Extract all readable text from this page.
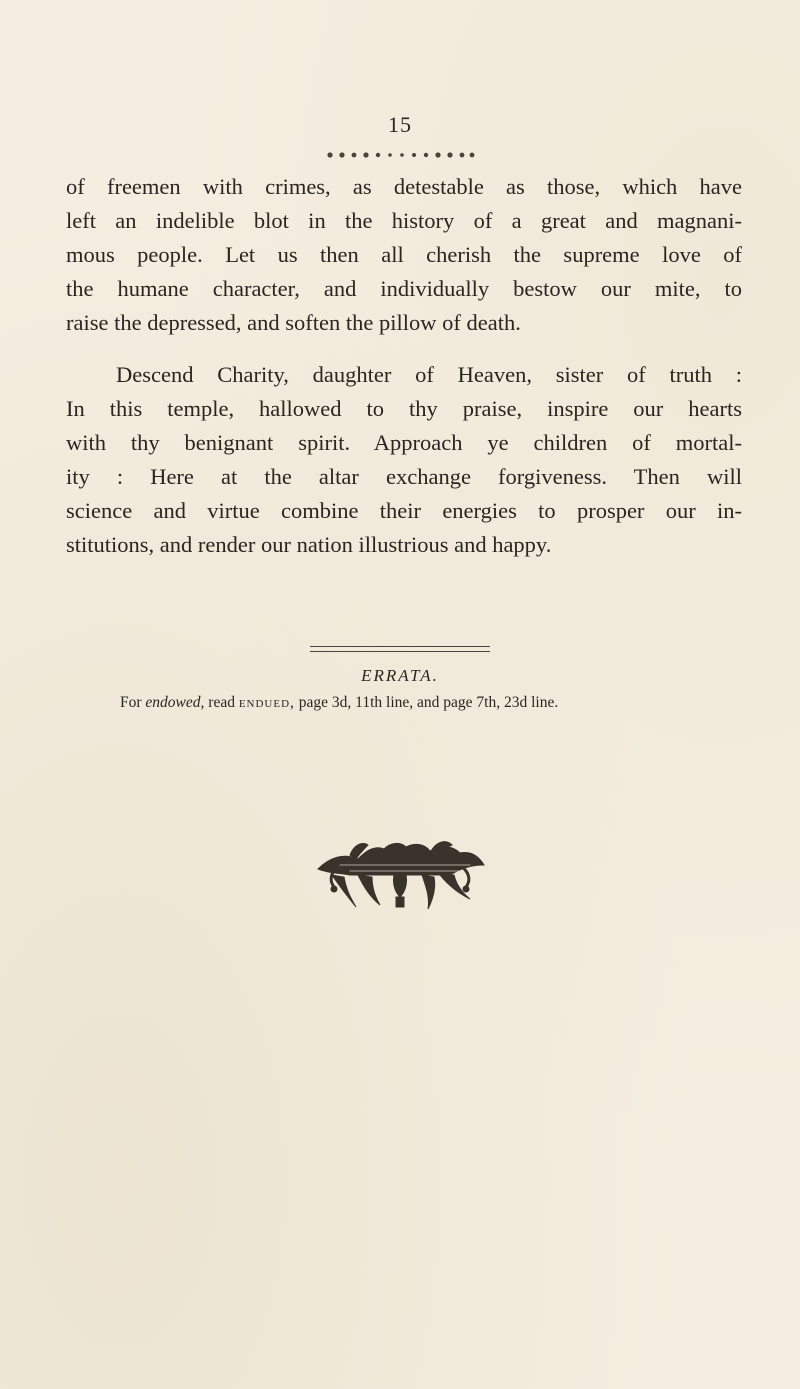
15
of freemen with crimes, as detestable as those, which have
left an indelible blot in the history of a great and magnani-
mous people. Let us then all cherish the supreme love of
the humane character, and individually bestow our mite, to
raise the depressed, and soften the pillow of death.
Descend Charity, daughter of Heaven, sister of truth :
In this temple, hallowed to thy praise, inspire our hearts
with thy benignant spirit. Approach ye children of mortal-
ity : Here at the altar exchange forgiveness. Then will
science and virtue combine their energies to prosper our in-
stitutions, and render our nation illustrious and happy.
ERRATA.
For endowed, read endued, page 3d, 11th line, and page 7th, 23d line.
